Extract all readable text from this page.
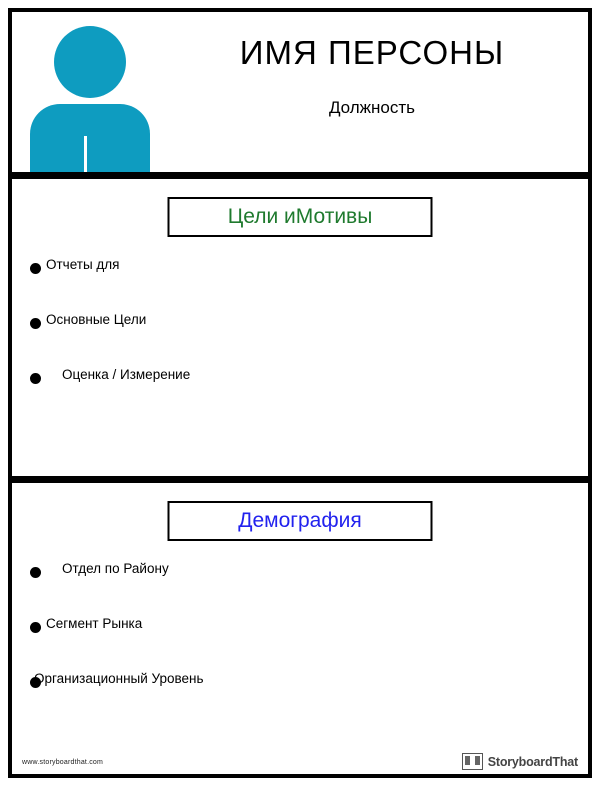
ИМЯ ПЕРСОНЫ
Должность
Цели иМотивы
Отчеты для
Основные Цели
Оценка / Измерение
Демография
Отдел по Району
Сегмент Рынка
Организационный Уровень
www.storyboardthat.com	StoryboardThat
